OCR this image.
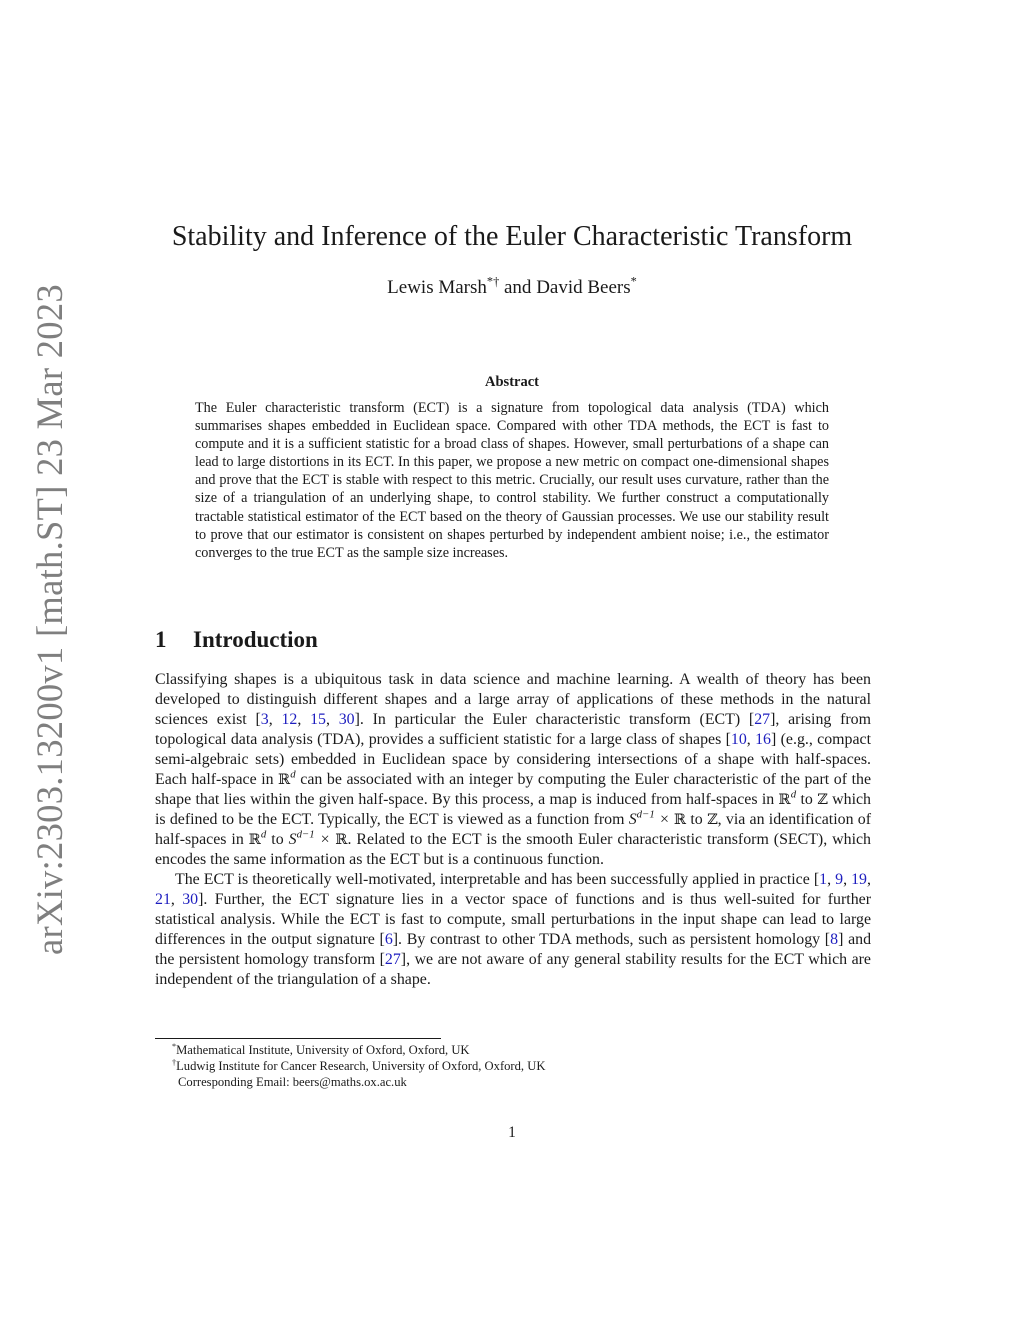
arXiv:2303.13200v1 [math.ST] 23 Mar 2023
Stability and Inference of the Euler Characteristic Transform
Lewis Marsh*† and David Beers*
Abstract
The Euler characteristic transform (ECT) is a signature from topological data analysis (TDA) which summarises shapes embedded in Euclidean space. Compared with other TDA methods, the ECT is fast to compute and it is a sufficient statistic for a broad class of shapes. However, small perturbations of a shape can lead to large distortions in its ECT. In this paper, we propose a new metric on compact one-dimensional shapes and prove that the ECT is stable with respect to this metric. Crucially, our result uses curvature, rather than the size of a triangulation of an underlying shape, to control stability. We further construct a computationally tractable statistical estimator of the ECT based on the theory of Gaussian processes. We use our stability result to prove that our estimator is consistent on shapes perturbed by independent ambient noise; i.e., the estimator converges to the true ECT as the sample size increases.
1 Introduction

Classifying shapes is a ubiquitous task in data science and machine learning. A wealth of theory has been developed to distinguish different shapes and a large array of applications of these methods in the natural sciences exist [3, 12, 15, 30]. In particular the Euler characteristic transform (ECT) [27], arising from topological data analysis (TDA), provides a sufficient statistic for a large class of shapes [10, 16] (e.g., compact semi-algebraic sets) embedded in Euclidean space by considering intersections of a shape with half-spaces. Each half-space in ℝ$^d$ can be associated with an integer by computing the Euler characteristic of the part of the shape that lies within the given half-space. By this process, a map is induced from half-spaces in ℝ$^d$ to ℤ which is defined to be the ECT. Typically, the ECT is viewed as a function from $S^{d-1}$ × ℝ to ℤ, via an identification of half-spaces in ℝ$^d$ to $S^{d-1}$ × ℝ. Related to the ECT is the smooth Euler characteristic transform (SECT), which encodes the same information as the ECT but is a continuous function.

The ECT is theoretically well-motivated, interpretable and has been successfully applied in practice [1, 9, 19, 21, 30]. Further, the ECT signature lies in a vector space of functions and is thus well-suited for further statistical analysis. While the ECT is fast to compute, small perturbations in the input shape can lead to large differences in the output signature [6]. By contrast to other TDA methods, such as persistent homology [8] and the persistent homology transform [27], we are not aware of any general stability results for the ECT which are independent of the triangulation of a shape.

*Mathematical Institute, University of Oxford, Oxford, UK
†Ludwig Institute for Cancer Research, University of Oxford, Oxford, UK
Corresponding Email: beers@maths.ox.ac.uk
1
